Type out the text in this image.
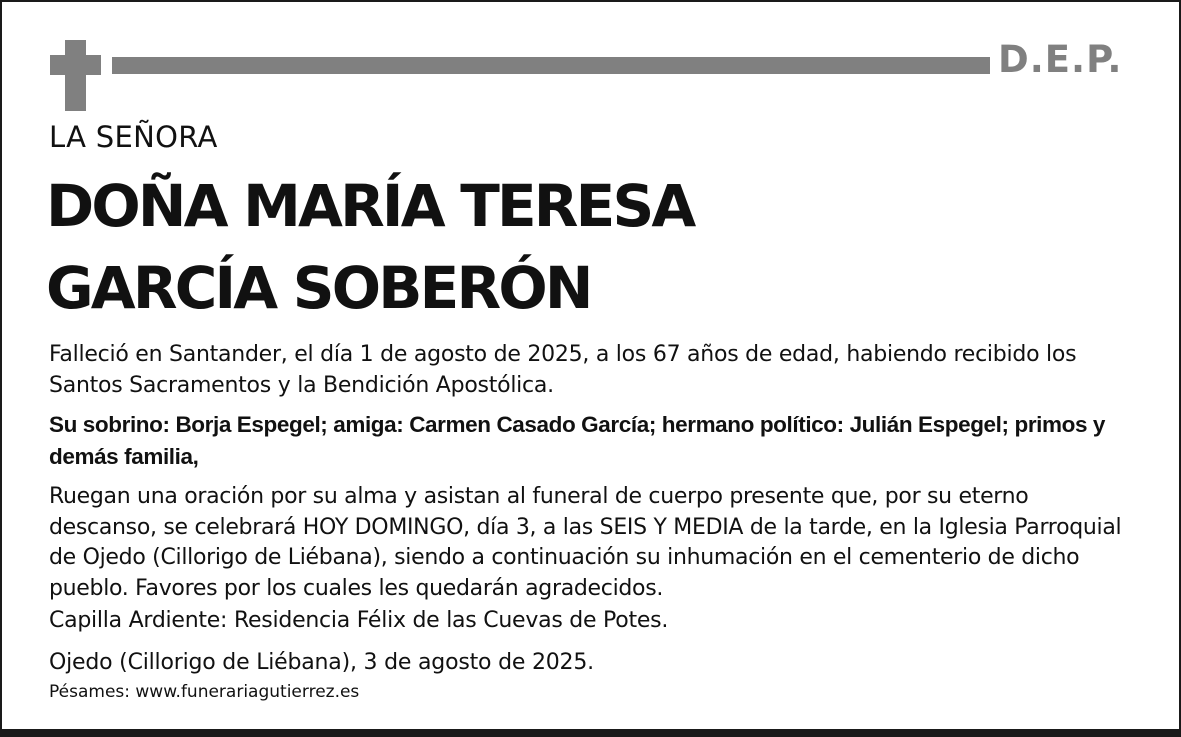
D.E.P.
LA SEÑORA
DOÑA MARÍA TERESA
GARCÍA SOBERÓN
Falleció en Santander, el día 1 de agosto de 2025, a los 67 años de edad, habiendo recibido los Santos Sacramentos y la Bendición Apostólica.
Su sobrino: Borja Espegel; amiga: Carmen Casado García; hermano político: Julián Espegel; primos y demás familia,
Ruegan una oración por su alma y asistan al funeral de cuerpo presente que, por su eterno descanso, se celebrará HOY DOMINGO, día 3, a las SEIS Y MEDIA de la tarde, en la Iglesia Parroquial de Ojedo (Cillorigo de Liébana), siendo a continuación su inhumación en el cementerio de dicho pueblo. Favores por los cuales les quedarán agradecidos.
Capilla Ardiente: Residencia Félix de las Cuevas de Potes.
Ojedo (Cillorigo de Liébana), 3 de agosto de 2025.
Pésames: www.funerariagutierrez.es
